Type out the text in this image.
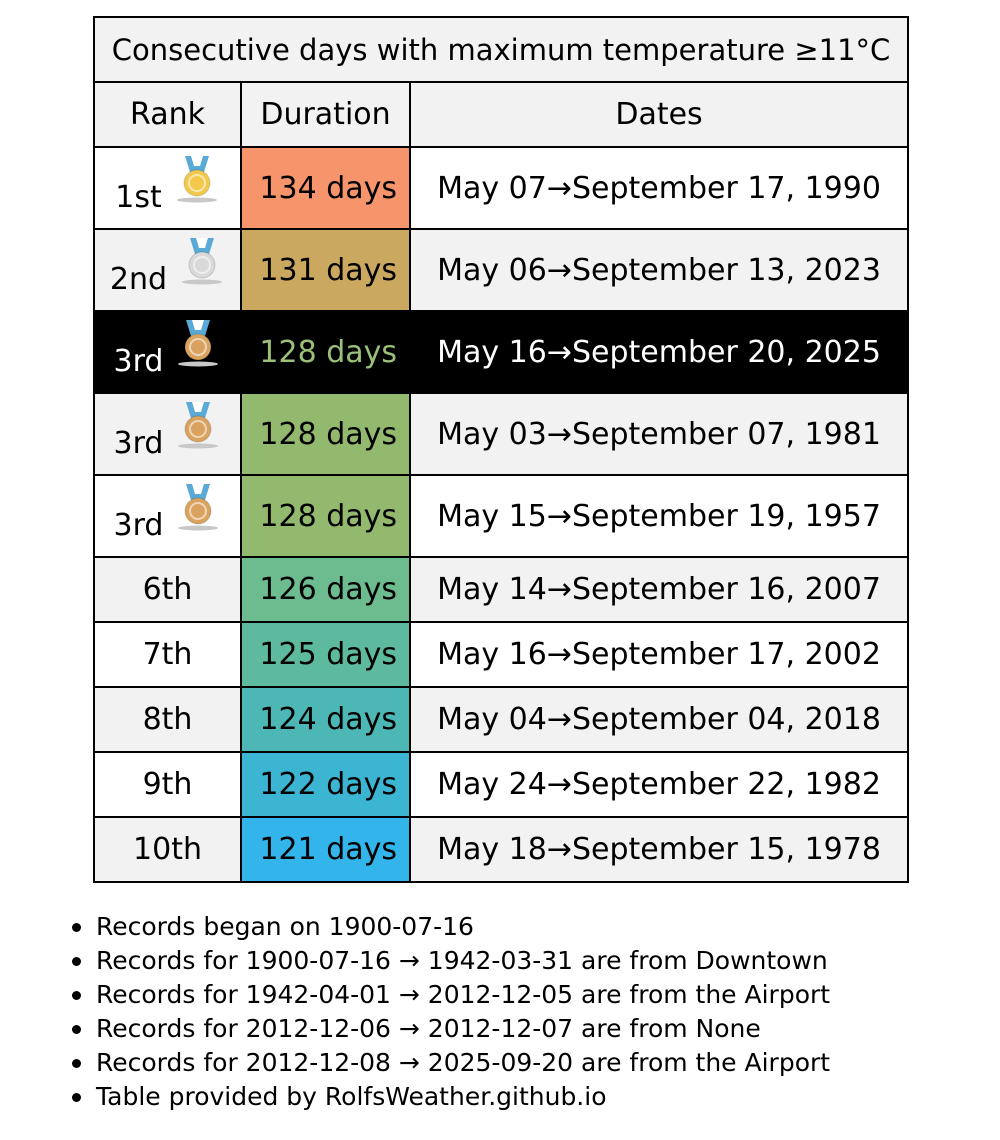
Consecutive days with maximum temperature ≥11°C		
Rank	Duration	Dates

1st	134 days	May 07→September 17, 1990

2nd	131 days	May 06→September 13, 2023

3rd	128 days	May 16→September 20, 2025

3rd	128 days	May 03→September 07, 1981

3rd	128 days	May 15→September 19, 1957

6th	126 days	May 14→September 16, 2007

7th	125 days	May 16→September 17, 2002

8th	124 days	May 04→September 04, 2018

9th	122 days	May 24→September 22, 1982

10th	121 days	May 18→September 15, 1978
Records began on 1900-07-16
Records for 1900-07-16 → 1942-03-31 are from Downtown
Records for 1942-04-01 → 2012-12-05 are from the Airport
Records for 2012-12-06 → 2012-12-07 are from None
Records for 2012-12-08 → 2025-09-20 are from the Airport
Table provided by RolfsWeather.github.io
